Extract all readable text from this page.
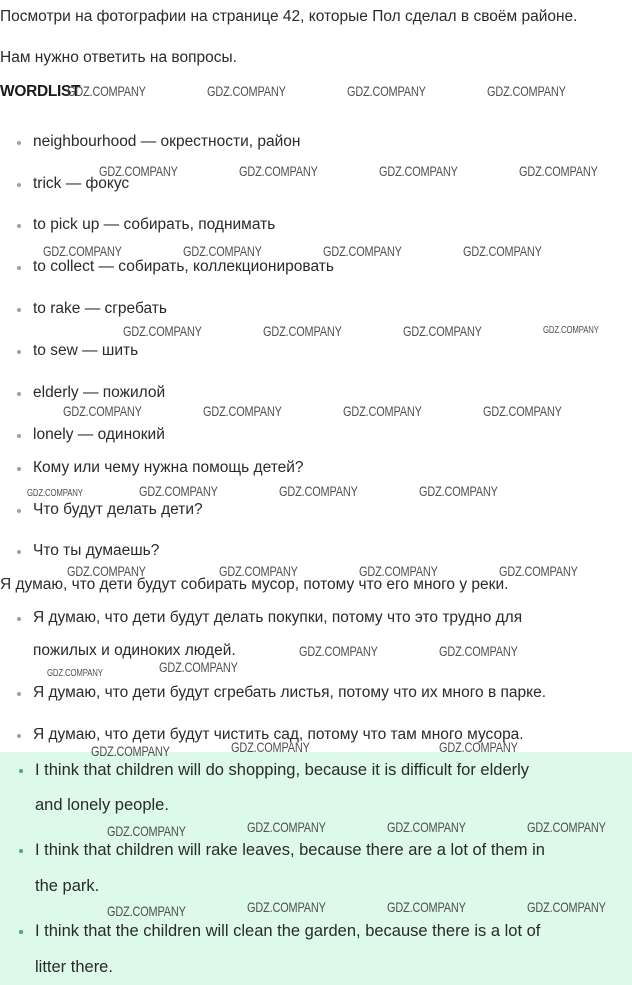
Посмотри на фотографии на странице 42, которые Пол сделал в своём районе.
Нам нужно ответить на вопросы.
WORDLIST
neighbourhood — окрестности, район
trick — фокус
to pick up — собирать, поднимать
to collect — собирать, коллекционировать
to rake — сгребать
to sew — шить
elderly — пожилой
lonely — одинокий
Кому или чему нужна помощь детей?
Что будут делать дети?
Что ты думаешь?
Я думаю, что дети будут собирать мусор, потому что его много у реки.
Я думаю, что дети будут делать покупки, потому что это трудно для
пожилых и одиноких людей.
Я думаю, что дети будут сгребать листья, потому что их много в парке.
Я думаю, что дети будут чистить сад, потому что там много мусора.
I think that children will do shopping, because it is difficult for elderly
and lonely people.
I think that children will rake leaves, because there are a lot of them in
the park.
I think that the children will clean the garden, because there is a lot of
litter there.
GDZ.COMPANY	GDZ.COMPANY	GDZ.COMPANY	GDZ.COMPANY
GDZ.COMPANY	GDZ.COMPANY	GDZ.COMPANY	GDZ.COMPANY
GDZ.COMPANY	GDZ.COMPANY	GDZ.COMPANY	GDZ.COMPANY
GDZ.COMPANY	GDZ.COMPANY	GDZ.COMPANY	GDZ.COMPANY
GDZ.COMPANY	GDZ.COMPANY	GDZ.COMPANY	GDZ.COMPANY
GDZ.COMPANY	GDZ.COMPANY	GDZ.COMPANY	GDZ.COMPANY
GDZ.COMPANY	GDZ.COMPANY	GDZ.COMPANY	GDZ.COMPANY
GDZ.COMPANY	GDZ.COMPANY
GDZ.COMPANY	GDZ.COMPANY
GDZ.COMPANY	GDZ.COMPANY	GDZ.COMPANY
GDZ.COMPANY	GDZ.COMPANY	GDZ.COMPANY	GDZ.COMPANY
GDZ.COMPANY	GDZ.COMPANY	GDZ.COMPANY	GDZ.COMPANY
